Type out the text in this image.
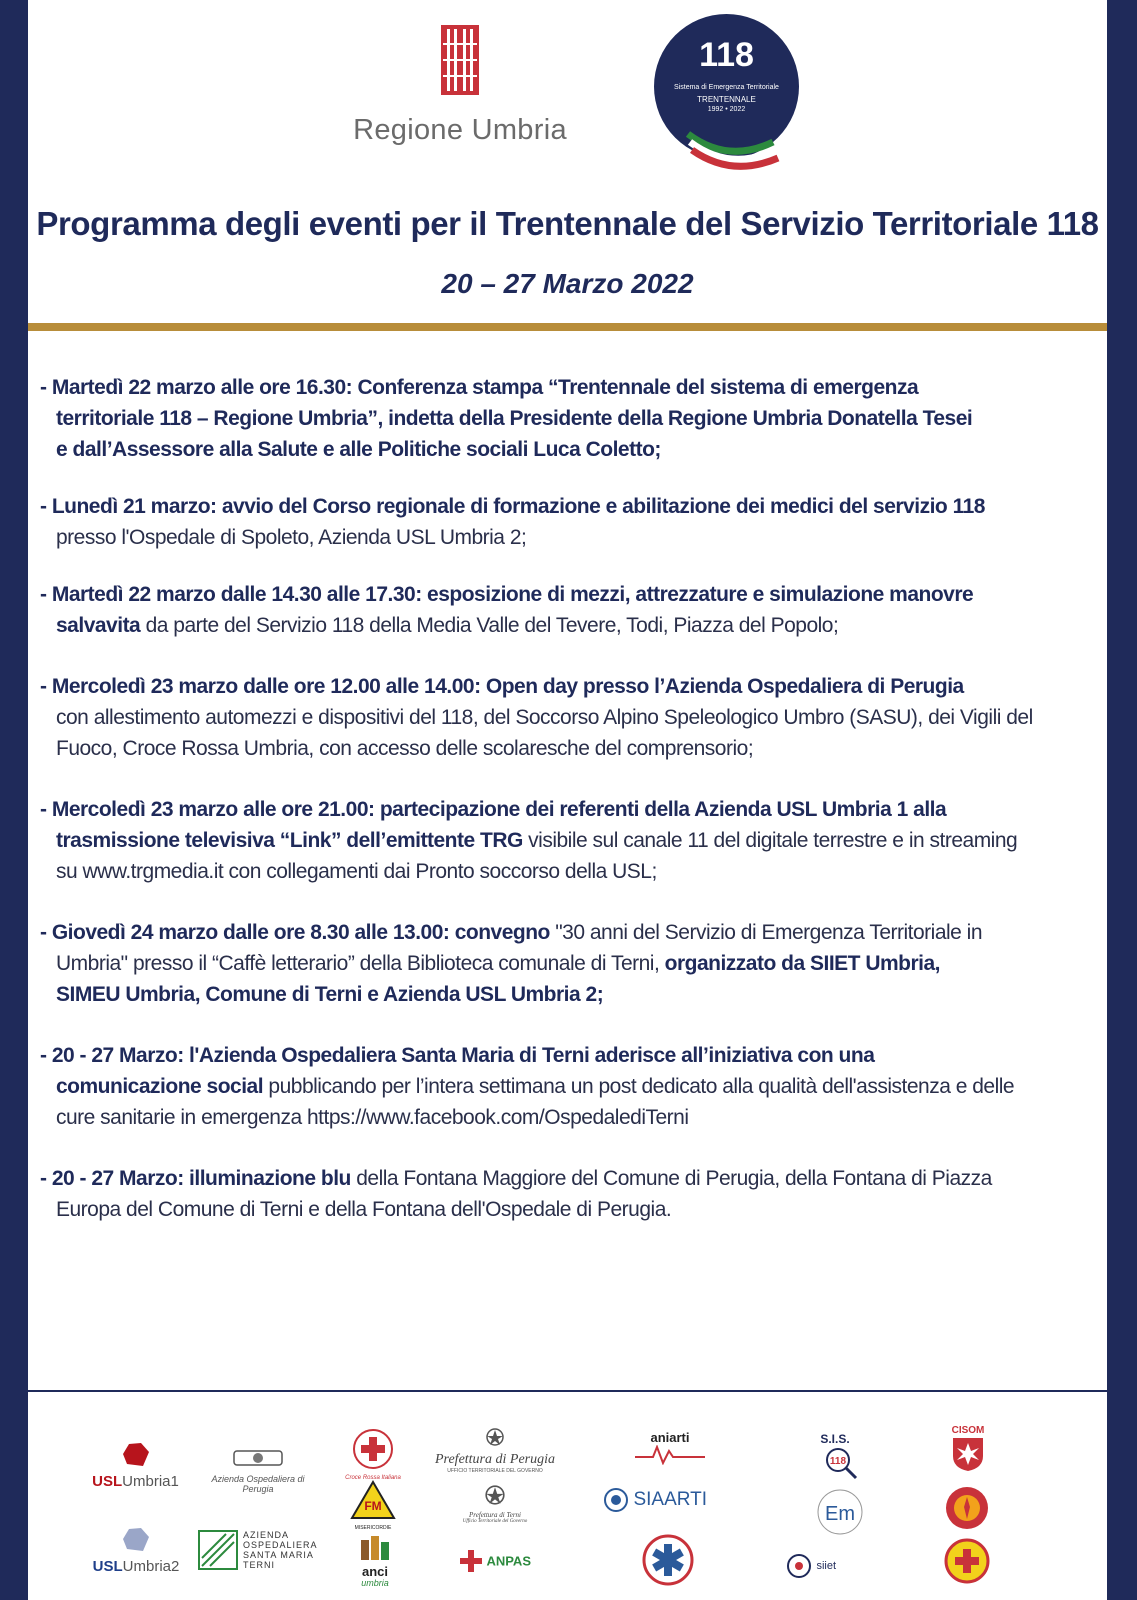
Regione Umbria
118
Sistema di Emergenza Territoriale
TRENTENNALE
1992 • 2022
Programma degli eventi per il Trentennale del Servizio Territoriale 118
20 – 27 Marzo 2022
- Martedì 22 marzo alle ore 16.30: Conferenza stampa “Trentennale del sistema di emergenza
territoriale 118 – Regione Umbria”, indetta della Presidente della Regione Umbria Donatella Tesei
e dall’Assessore alla Salute e alle Politiche sociali Luca Coletto;
- Lunedì 21 marzo: avvio del Corso regionale di formazione e abilitazione dei medici del servizio 118
presso l'Ospedale di Spoleto, Azienda USL Umbria 2;
- Martedì 22 marzo dalle 14.30 alle 17.30: esposizione di mezzi, attrezzature e simulazione manovre
salvavita da parte del Servizio 118 della Media Valle del Tevere, Todi, Piazza del Popolo;
- Mercoledì 23 marzo dalle ore 12.00 alle 14.00: Open day presso l’Azienda Ospedaliera di Perugia
con allestimento automezzi e dispositivi del 118, del Soccorso Alpino Speleologico Umbro (SASU), dei Vigili del
Fuoco, Croce Rossa Umbria, con accesso delle scolaresche del comprensorio;
- Mercoledì 23 marzo alle ore 21.00: partecipazione dei referenti della Azienda USL Umbria 1 alla
trasmissione televisiva “Link” dell’emittente TRG visibile sul canale 11 del digitale terrestre e in streaming
su www.trgmedia.it con collegamenti dai Pronto soccorso della USL;
- Giovedì 24 marzo dalle ore 8.30 alle 13.00: convegno "30 anni del Servizio di Emergenza Territoriale in
Umbria" presso il “Caffè letterario” della Biblioteca comunale di Terni, organizzato da SIIET Umbria,
SIMEU Umbria, Comune di Terni e Azienda USL Umbria 2;
- 20 - 27 Marzo: l'Azienda Ospedaliera Santa Maria di Terni aderisce all’iniziativa con una
comunicazione social pubblicando per l’intera settimana un post dedicato alla qualità dell'assistenza e delle
cure sanitarie in emergenza https://www.facebook.com/OspedalediTerni
- 20 - 27 Marzo: illuminazione blu della Fontana Maggiore del Comune di Perugia, della Fontana di Piazza
Europa del Comune di Terni e della Fontana dell'Ospedale di Perugia.
USLUmbria1
USLUmbria2
Azienda Ospedaliera di Perugia
AZIENDA
OSPEDALIERA
SANTA MARIA
TERNI
Croce Rossa Italiana
FM
MISERICORDIE
anci
umbria
Prefettura di Perugia
UFFICIO TERRITORIALE DEL GOVERNO
Prefettura di Terni
Ufficio Territoriale del Governo
ANPAS
aniarti
SIAARTI
S.I.S.
118
Em
siiet
CISOM
